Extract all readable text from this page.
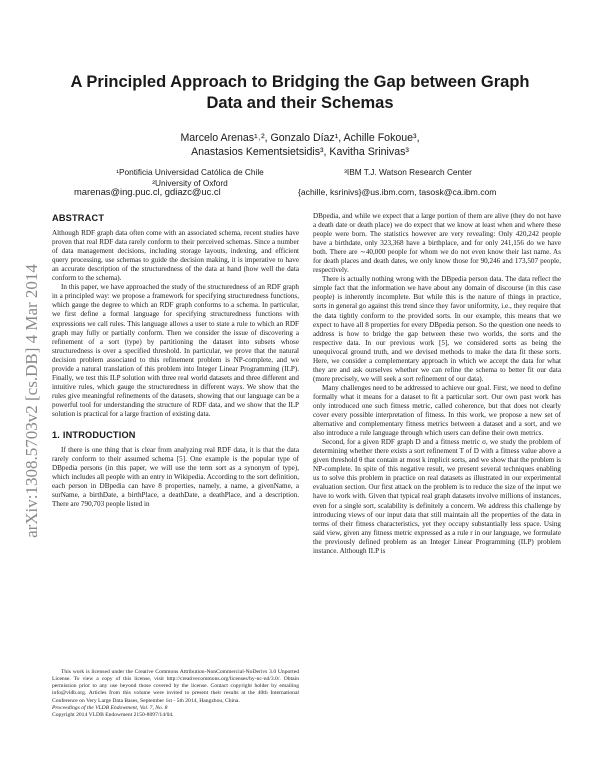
arXiv:1308.5703v2 [cs.DB] 4 Mar 2014
A Principled Approach to Bridging the Gap between Graph Data and their Schemas
Marcelo Arenas¹˒², Gonzalo Díaz¹, Achille Fokoue³,
Anastasios Kementsietsidis³, Kavitha Srinivas³
¹Pontificia Universidad Católica de Chile
²University of Oxford
³IBM T.J. Watson Research Center
marenas@ing.puc.cl, gdiazc@uc.cl	{achille, ksrinivs}@us.ibm.com, tasosk@ca.ibm.com
ABSTRACT

Although RDF graph data often come with an associated schema, recent studies have proven that real RDF data rarely conform to their perceived schemas. Since a number of data management decisions, including storage layouts, indexing, and efficient query processing, use schemas to guide the decision making, it is imperative to have an accurate description of the structuredness of the data at hand (how well the data conform to the schema).

In this paper, we have approached the study of the structuredness of an RDF graph in a principled way: we propose a framework for specifying structuredness functions, which gauge the degree to which an RDF graph conforms to a schema. In particular, we first define a formal language for specifying structuredness functions with expressions we call rules. This language allows a user to state a rule to which an RDF graph may fully or partially conform. Then we consider the issue of discovering a refinement of a sort (type) by partitioning the dataset into subsets whose structuredness is over a specified threshold. In particular, we prove that the natural decision problem associated to this refinement problem is NP-complete, and we provide a natural translation of this problem into Integer Linear Programming (ILP). Finally, we test this ILP solution with three real world datasets and three different and intuitive rules, which gauge the structuredness in different ways. We show that the rules give meaningful refinements of the datasets, showing that our language can be a powerful tool for understanding the structure of RDF data, and we show that the ILP solution is practical for a large fraction of existing data.

1. INTRODUCTION

If there is one thing that is clear from analyzing real RDF data, it is that the data rarely conform to their assumed schema [5]. One example is the popular type of DBpedia persons (in this paper, we will use the term sort as a synonym of type), which includes all people with an entry in Wikipedia. According to the sort definition, each person in DBpedia can have 8 properties, namely, a name, a givenName, a surName, a birthDate, a birthPlace, a deathDate, a deathPlace, and a description. There are 790,703 people listed in

This work is licensed under the Creative Commons Attribution-NonCommercial-NoDerivs 3.0 Unported License. To view a copy of this license, visit http://creativecommons.org/licenses/by-nc-nd/3.0/. Obtain permission prior to any use beyond those covered by the license. Contact copyright holder by emailing info@vldb.org. Articles from this volume were invited to present their results at the 40th International Conference on Very Large Data Bases, September 1st - 5th 2014, Hangzhou, China.

Proceedings of the VLDB Endowment, Vol. 7, No. 8

Copyright 2014 VLDB Endowment 2150-8097/14/04.

DBpedia, and while we expect that a large portion of them are alive (they do not have a death date or death place) we do expect that we know at least when and where these people were born. The statistics however are very revealing: Only 420,242 people have a birthdate, only 323,368 have a birthplace, and for only 241,156 do we have both. There are ∼40,000 people for whom we do not even know their last name. As for death places and death dates, we only know those for 90,246 and 173,507 people, respectively.

There is actually nothing wrong with the DBpedia person data. The data reflect the simple fact that the information we have about any domain of discourse (in this case people) is inherently incomplete. But while this is the nature of things in practice, sorts in general go against this trend since they favor uniformity, i.e., they require that the data tightly conform to the provided sorts. In our example, this means that we expect to have all 8 properties for every DBpedia person. So the question one needs to address is how to bridge the gap between these two worlds, the sorts and the respective data. In our previous work [5], we considered sorts as being the unequivocal ground truth, and we devised methods to make the data fit these sorts. Here, we consider a complementary approach in which we accept the data for what they are and ask ourselves whether we can refine the schema to better fit our data (more precisely, we will seek a sort refinement of our data).

Many challenges need to be addressed to achieve our goal. First, we need to define formally what it means for a dataset to fit a particular sort. Our own past work has only introduced one such fitness metric, called coherence, but that does not clearly cover every possible interpretation of fitness. In this work, we propose a new set of alternative and complementary fitness metrics between a dataset and a sort, and we also introduce a rule language through which users can define their own metrics.

Second, for a given RDF graph D and a fitness metric σ, we study the problem of determining whether there exists a sort refinement T of D with a fitness value above a given threshold θ that contain at most k implicit sorts, and we show that the problem is NP-complete. In spite of this negative result, we present several techniques enabling us to solve this problem in practice on real datasets as illustrated in our experimental evaluation section. Our first attack on the problem is to reduce the size of the input we have to work with. Given that typical real graph datasets involve millions of instances, even for a single sort, scalability is definitely a concern. We address this challenge by introducing views of our input data that still maintain all the properties of the data in terms of their fitness characteristics, yet they occupy substantially less space. Using said view, given any fitness metric expressed as a rule r in our language, we formulate the previously defined problem as an Integer Linear Programming (ILP) problem instance. Although ILP is
